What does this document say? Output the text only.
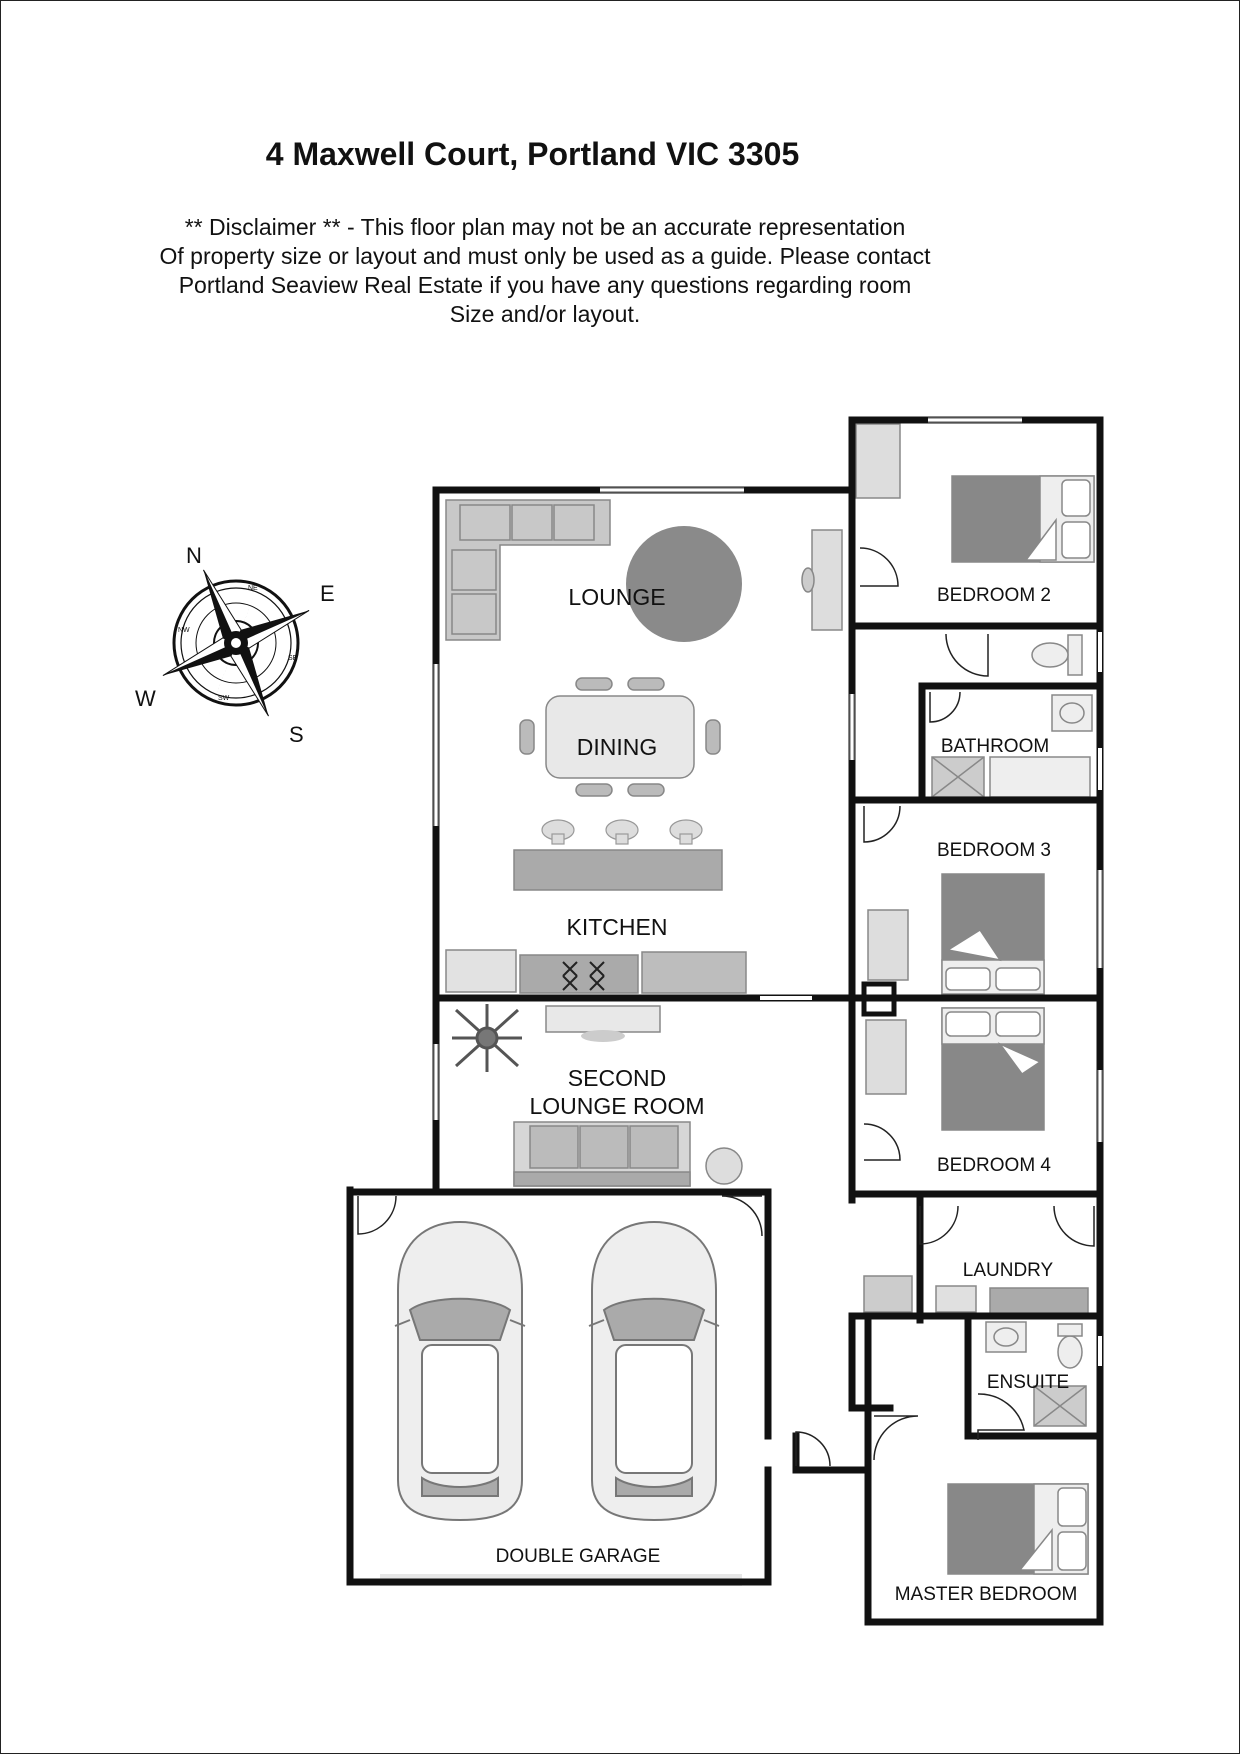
4 Maxwell Court, Portland VIC 3305
** Disclaimer ** - This floor plan may not be an accurate representation
Of property size or layout and must only be used as a guide. Please contact
Portland Seaview Real Estate if you have any questions regarding room
Size and/or layout.
N
E
S
W
NE
SE
SW
NW
LOUNGE
DINING
KITCHEN
SECOND
LOUNGE ROOM
BEDROOM 2
BATHROOM
BEDROOM 3
BEDROOM 4
LAUNDRY
ENSUITE
MASTER BEDROOM
DOUBLE GARAGE
